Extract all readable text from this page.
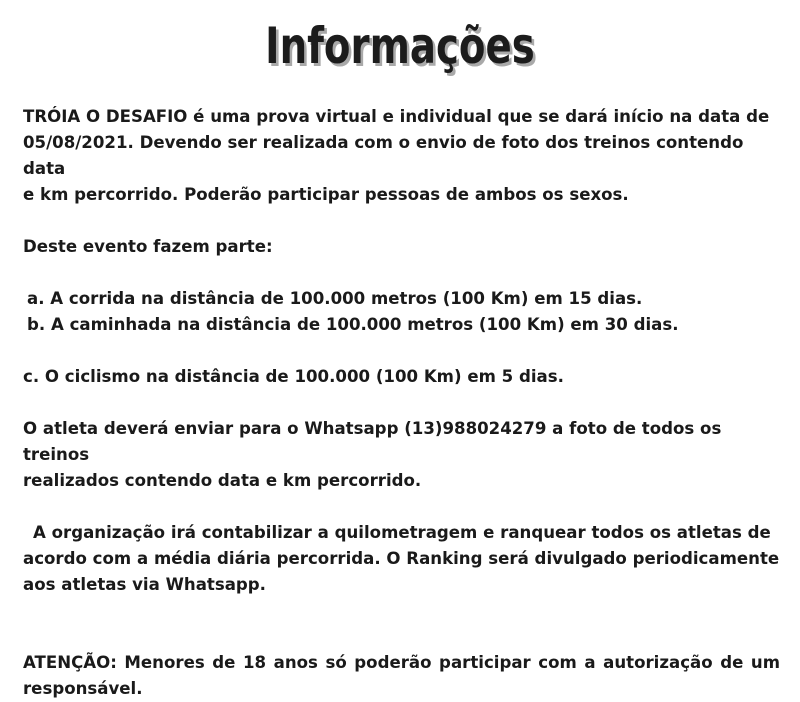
Informações

TRÓIA O DESAFIO é uma prova virtual e individual que se dará início na data de

05/08/2021. Devendo ser realizada com o envio de foto dos treinos contendo data

e km percorrido. Poderão participar pessoas de ambos os sexos.

Deste evento fazem parte:

a. A corrida na distância de 100.000 metros (100 Km) em 15 dias.

b. A caminhada na distância de 100.000 metros (100 Km) em 30 dias.

c. O ciclismo na distância de 100.000 (100 Km) em 5 dias.

O atleta deverá enviar para o Whatsapp (13)988024279 a foto de todos os treinos

realizados contendo data e km percorrido.

A organização irá contabilizar a quilometragem e ranquear todos os atletas de

acordo com a média diária percorrida. O Ranking será divulgado periodicamente

aos atletas via Whatsapp.

ATENÇÃO: Menores de 18 anos só poderão participar com a autorização de um

responsável.
